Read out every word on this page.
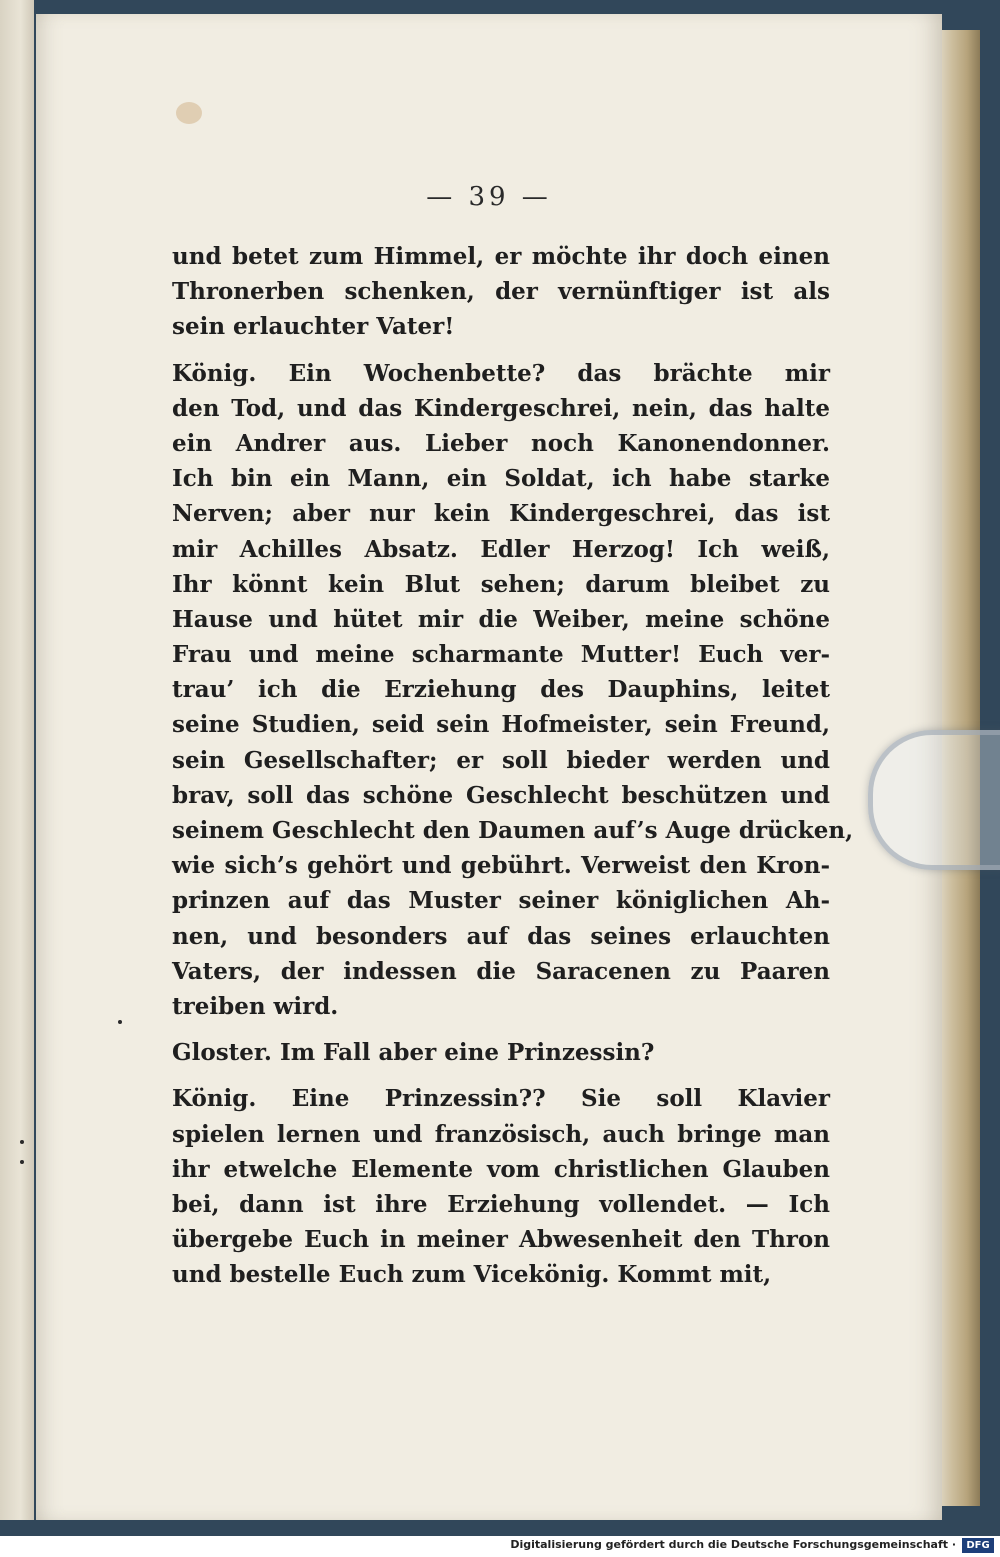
— 39 —
und betet zum Himmel, er möchte ihr doch einen
Thronerben schenken, der vernünftiger ist als
sein erlauchter Vater!
König. Ein Wochenbette? das brächte mir
den Tod, und das Kindergeschrei, nein, das halte
ein Andrer aus. Lieber noch Kanonendonner.
Ich bin ein Mann, ein Soldat, ich habe starke
Nerven; aber nur kein Kindergeschrei, das ist
mir Achilles Absatz. Edler Herzog! Ich weiß,
Ihr könnt kein Blut sehen; darum bleibet zu
Hause und hütet mir die Weiber, meine schöne
Frau und meine scharmante Mutter! Euch ver-
trau’ ich die Erziehung des Dauphins, leitet
seine Studien, seid sein Hofmeister, sein Freund,
sein Gesellschafter; er soll bieder werden und
brav, soll das schöne Geschlecht beschützen und
seinem Geschlecht den Daumen auf’s Auge drücken,
wie sich’s gehört und gebührt. Verweist den Kron-
prinzen auf das Muster seiner königlichen Ah-
nen, und besonders auf das seines erlauchten
Vaters, der indessen die Saracenen zu Paaren
treiben wird.
Gloster. Im Fall aber eine Prinzessin?
König. Eine Prinzessin?? Sie soll Klavier
spielen lernen und französisch, auch bringe man
ihr etwelche Elemente vom christlichen Glauben
bei, dann ist ihre Erziehung vollendet. — Ich
übergebe Euch in meiner Abwesenheit den Thron
und bestelle Euch zum Vicekönig. Kommt mit,
Digitalisierung gefördert durch die Deutsche Forschungsgemeinschaft ·	DFG
